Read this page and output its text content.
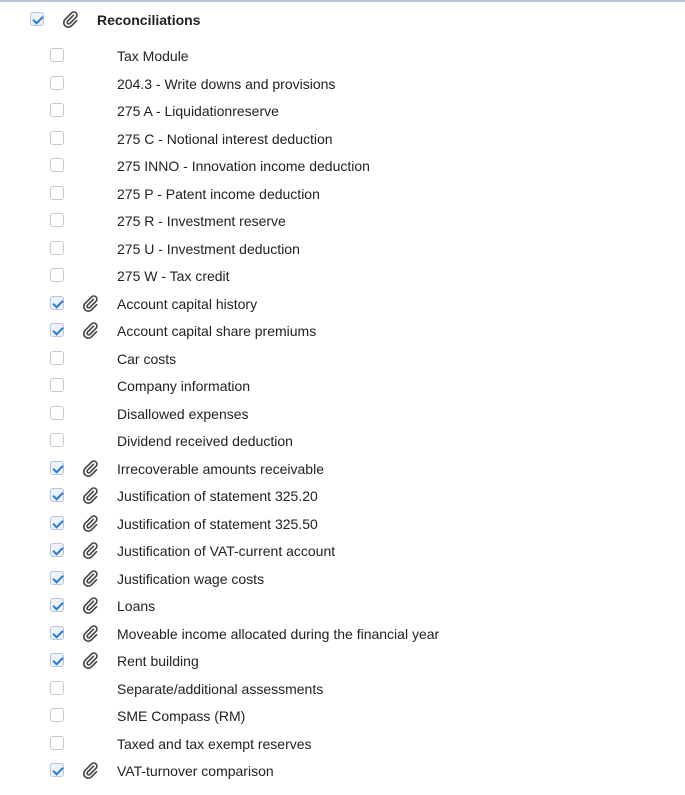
Reconciliations
Tax Module
204.3 - Write downs and provisions
275 A - Liquidationreserve
275 C - Notional interest deduction
275 INNO - Innovation income deduction
275 P - Patent income deduction
275 R - Investment reserve
275 U - Investment deduction
275 W - Tax credit
Account capital history
Account capital share premiums
Car costs
Company information
Disallowed expenses
Dividend received deduction
Irrecoverable amounts receivable
Justification of statement 325.20
Justification of statement 325.50
Justification of VAT-current account
Justification wage costs
Loans
Moveable income allocated during the financial year
Rent building
Separate/additional assessments
SME Compass (RM)
Taxed and tax exempt reserves
VAT-turnover comparison
